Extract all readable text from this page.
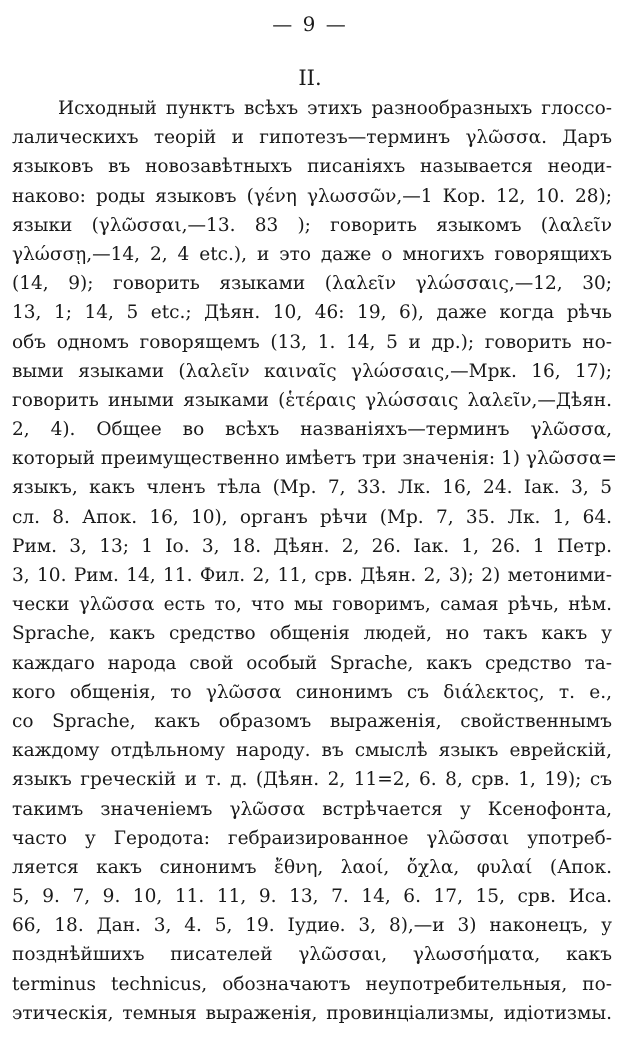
— 9 —
II.
Исходный пунктъ всѣхъ этихъ разнообразныхъ глоссо-
лалическихъ теорій и гипотезъ—терминъ γλῶσσα. Даръ
языковъ въ новозавѣтныхъ писаніяхъ называется неоди-
наково: роды языковъ (γένη γλωσσῶν,—1 Кор. 12, 10. 28);
языки (γλῶσσαι,—13. 83 ); говорить языкомъ (λαλεῖν
γλώσσῃ,—14, 2, 4 etc.), и это даже о многихъ говорящихъ
(14, 9); говорить языками (λαλεῖν γλώσσαις,—12, 30;
13, 1; 14, 5 etc.; Дѣян. 10, 46: 19, 6), даже когда рѣчь
объ одномъ говорящемъ (13, 1. 14, 5 и др.); говорить но-
выми языками (λαλεῖν καιναῖς γλώσσαις,—Мрк. 16, 17);
говорить иными языками (ἑτέραις γλώσσαις λαλεῖν,—Дѣян.
2, 4). Общее во всѣхъ названіяхъ—терминъ γλῶσσα,
который преимущественно имѣетъ три значенія: 1) γλῶσσα=
языкъ, какъ членъ тѣла (Мр. 7, 33. Лк. 16, 24. Іак. 3, 5
сл. 8. Апок. 16, 10), органъ рѣчи (Мр. 7, 35. Лк. 1, 64.
Рим. 3, 13; 1 Іо. 3, 18. Дѣян. 2, 26. Іак. 1, 26. 1 Петр.
3, 10. Рим. 14, 11. Фил. 2, 11, срв. Дѣян. 2, 3); 2) метоними-
чески γλῶσσα есть то, что мы говоримъ, самая рѣчь, нѣм.
Sprache, какъ средство общенія людей, но такъ какъ у
каждаго народа свой особый Sprache, какъ средство та-
кого общенія, то γλῶσσα синонимъ съ διάλεκτος, т. е.,
со Sprache, какъ образомъ выраженія, свойственнымъ
каждому отдѣльному народу. въ смыслѣ языкъ еврейскій,
языкъ греческій и т. д. (Дѣян. 2, 11=2, 6. 8, срв. 1, 19); съ
такимъ значеніемъ γλῶσσα встрѣчается у Ксенофонта,
часто у Геродота: гебраизированное γλῶσσαι употреб-
ляется какъ синонимъ ἔθνη, λαοί, ὄχλα, φυλαί (Апок.
5, 9. 7, 9. 10, 11. 11, 9. 13, 7. 14, 6. 17, 15, срв. Иса.
66, 18. Дан. 3, 4. 5, 19. Іудиѳ. 3, 8),—и 3) наконецъ, у
позднѣйшихъ писателей γλῶσσαι, γλωσσήματα, какъ
terminus technicus, обозначаютъ неупотребительныя, по-
этическія, темныя выраженія, провинціализмы, идіотизмы.
